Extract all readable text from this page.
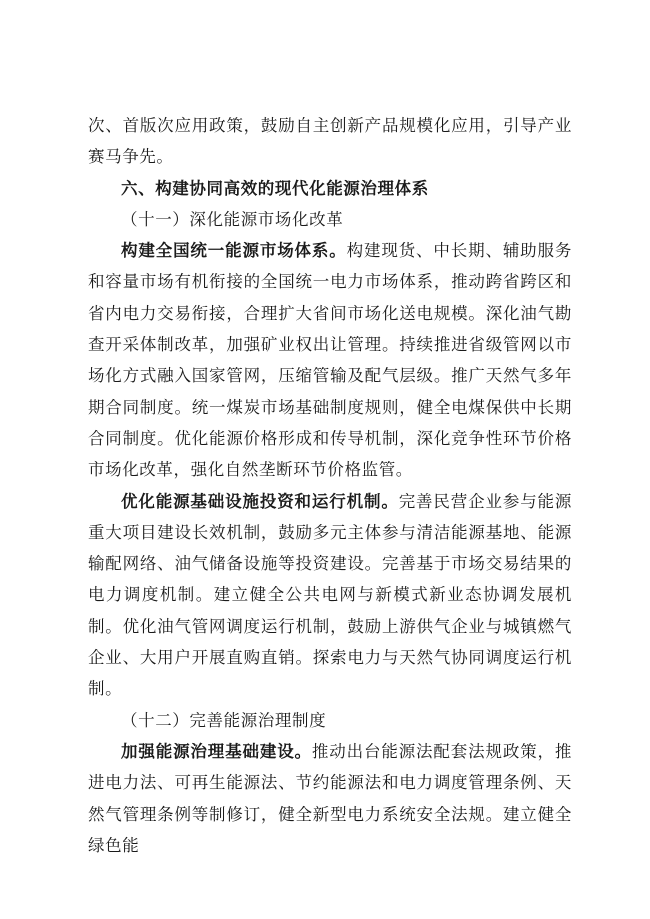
次、首版次应用政策，鼓励自主创新产品规模化应用，引导产业赛马争先。

六、构建协同高效的现代化能源治理体系

（十一）深化能源市场化改革

构建全国统一能源市场体系。构建现货、中长期、辅助服务和容量市场有机衔接的全国统一电力市场体系，推动跨省跨区和省内电力交易衔接，合理扩大省间市场化送电规模。深化油气勘查开采体制改革，加强矿业权出让管理。持续推进省级管网以市场化方式融入国家管网，压缩管输及配气层级。推广天然气多年期合同制度。统一煤炭市场基础制度规则，健全电煤保供中长期合同制度。优化能源价格形成和传导机制，深化竞争性环节价格市场化改革，强化自然垄断环节价格监管。

优化能源基础设施投资和运行机制。完善民营企业参与能源重大项目建设长效机制，鼓励多元主体参与清洁能源基地、能源输配网络、油气储备设施等投资建设。完善基于市场交易结果的电力调度机制。建立健全公共电网与新模式新业态协调发展机制。优化油气管网调度运行机制，鼓励上游供气企业与城镇燃气企业、大用户开展直购直销。探索电力与天然气协同调度运行机制。

（十二）完善能源治理制度

加强能源治理基础建设。推动出台能源法配套法规政策，推进电力法、可再生能源法、节约能源法和电力调度管理条例、天然气管理条例等制修订，健全新型电力系统安全法规。建立健全绿色能
